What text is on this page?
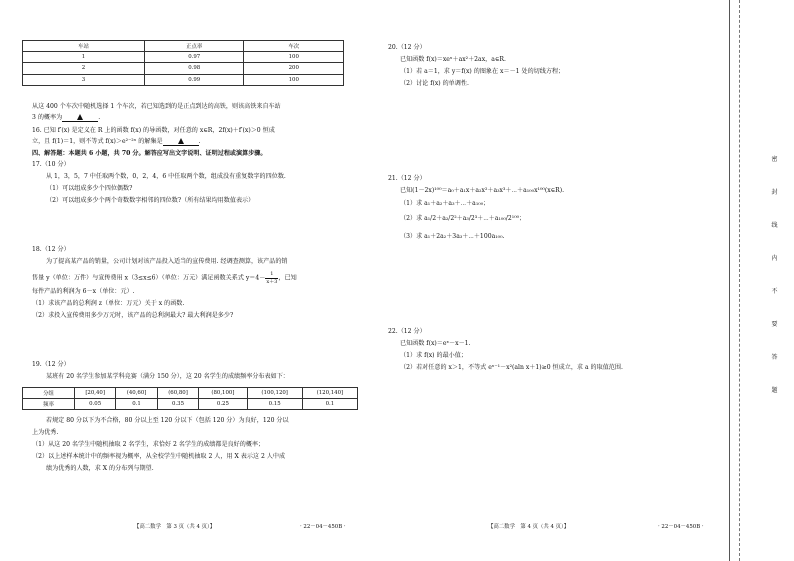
车站	正点率	车次
1	0.97	100
2	0.98	200
3	0.99	100
从这 400 个车次中随机选择 1 个车次，若已知选到的是正点到达的高铁，则该高铁来自车站
3 的概率为	.
16. 已知 f′(x) 是定义在 R 上的函数 f(x) 的导函数，对任意的 x∈R，2f(x)＋f′(x)＞0 恒成
立，且 f(1)＝1，则不等式 f(x)＞e²⁻²ˣ 的解集是	.
四、解答题：本题共 6 小题，共 70 分。解答应写出文字说明、证明过程或演算步骤。
17.（10 分）
从 1，3，5，7 中任取两个数，0，2，4，6 中任取两个数，组成没有重复数字的四位数.
（1）可以组成多少个四位偶数?
（2）可以组成多少个两个奇数数字相邻的四位数?（所有结果均用数值表示）
18.（12 分）
为了提高某产品的销量，公司计划对该产品投入适当的宣传费用. 经调查测算，该产品的销
售量 y（单位：万件）与宣传费用 x（3≤x≤6）（单位：万元）满足函数关系式 $y=4- \frac{1}{x+3}$ ，已知
每件产品的利润为 6－x（单位：元）.
（1）求该产品的总利润 z（单位：万元）关于 x 的函数.
（2）求投入宣传费用多少万元时，该产品的总利润最大? 最大利润是多少?
19.（12 分）
某班有 20 名学生参加某学科竞赛（满分 150 分），这 20 名学生的成绩频率分布表如下：
分组	[20,40]	(40,60]	(60,80]	(80,100]	(100,120]	(120,140]
频率	0.05	0.1	0.35	0.25	0.15	0.1
若规定 80 分以下为不合格，80 分以上至 120 分以下（包括 120 分）为良好，120 分以
上为优秀.
（1）从这 20 名学生中随机抽取 2 名学生，求恰好 2 名学生的成绩都是良好的概率；
（2）以上述样本统计中的频率视为概率，从全校学生中随机抽取 2 人，用 X 表示这 2 人中成
绩为优秀的人数，求 X 的分布列与期望.
【高二数学　第 3 页（共 4 页）】	· 22－04－450B ·
20.（12 分）
已知函数 f(x)＝xeˣ＋ax²＋2ax，a∈R.
（1）若 a＝1，求 y＝f(x) 的图象在 x＝－1 处的切线方程；
（2）讨论 f(x) 的单调性.
21.（12 分）
已知(1－2x)¹⁰⁰＝a₀＋a₁x＋a₂x²＋a₃x³＋⋯＋a₁₀₀x¹⁰⁰(x∈R).
（1）求 a₁＋a₂＋a₃＋⋯＋a₁₀₀；
（2）求 a₁/2＋a₂/2²＋a₃/2³＋⋯＋a₁₀₀/2¹⁰⁰；
（3）求 a₁＋2a₂＋3a₃＋⋯＋100a₁₀₀.
22.（12 分）
已知函数 f(x)＝eˣ－x－1.
（1）求 f(x) 的最小值；
（2）若对任意的 x＞1，不等式 eˣ⁻¹－x²(aln x＋1)≥0 恒成立，求 a 的取值范围.
【高二数学　第 4 页（共 4 页）】	· 22－04－450B ·
密
封
线
内
不
要
答
题
